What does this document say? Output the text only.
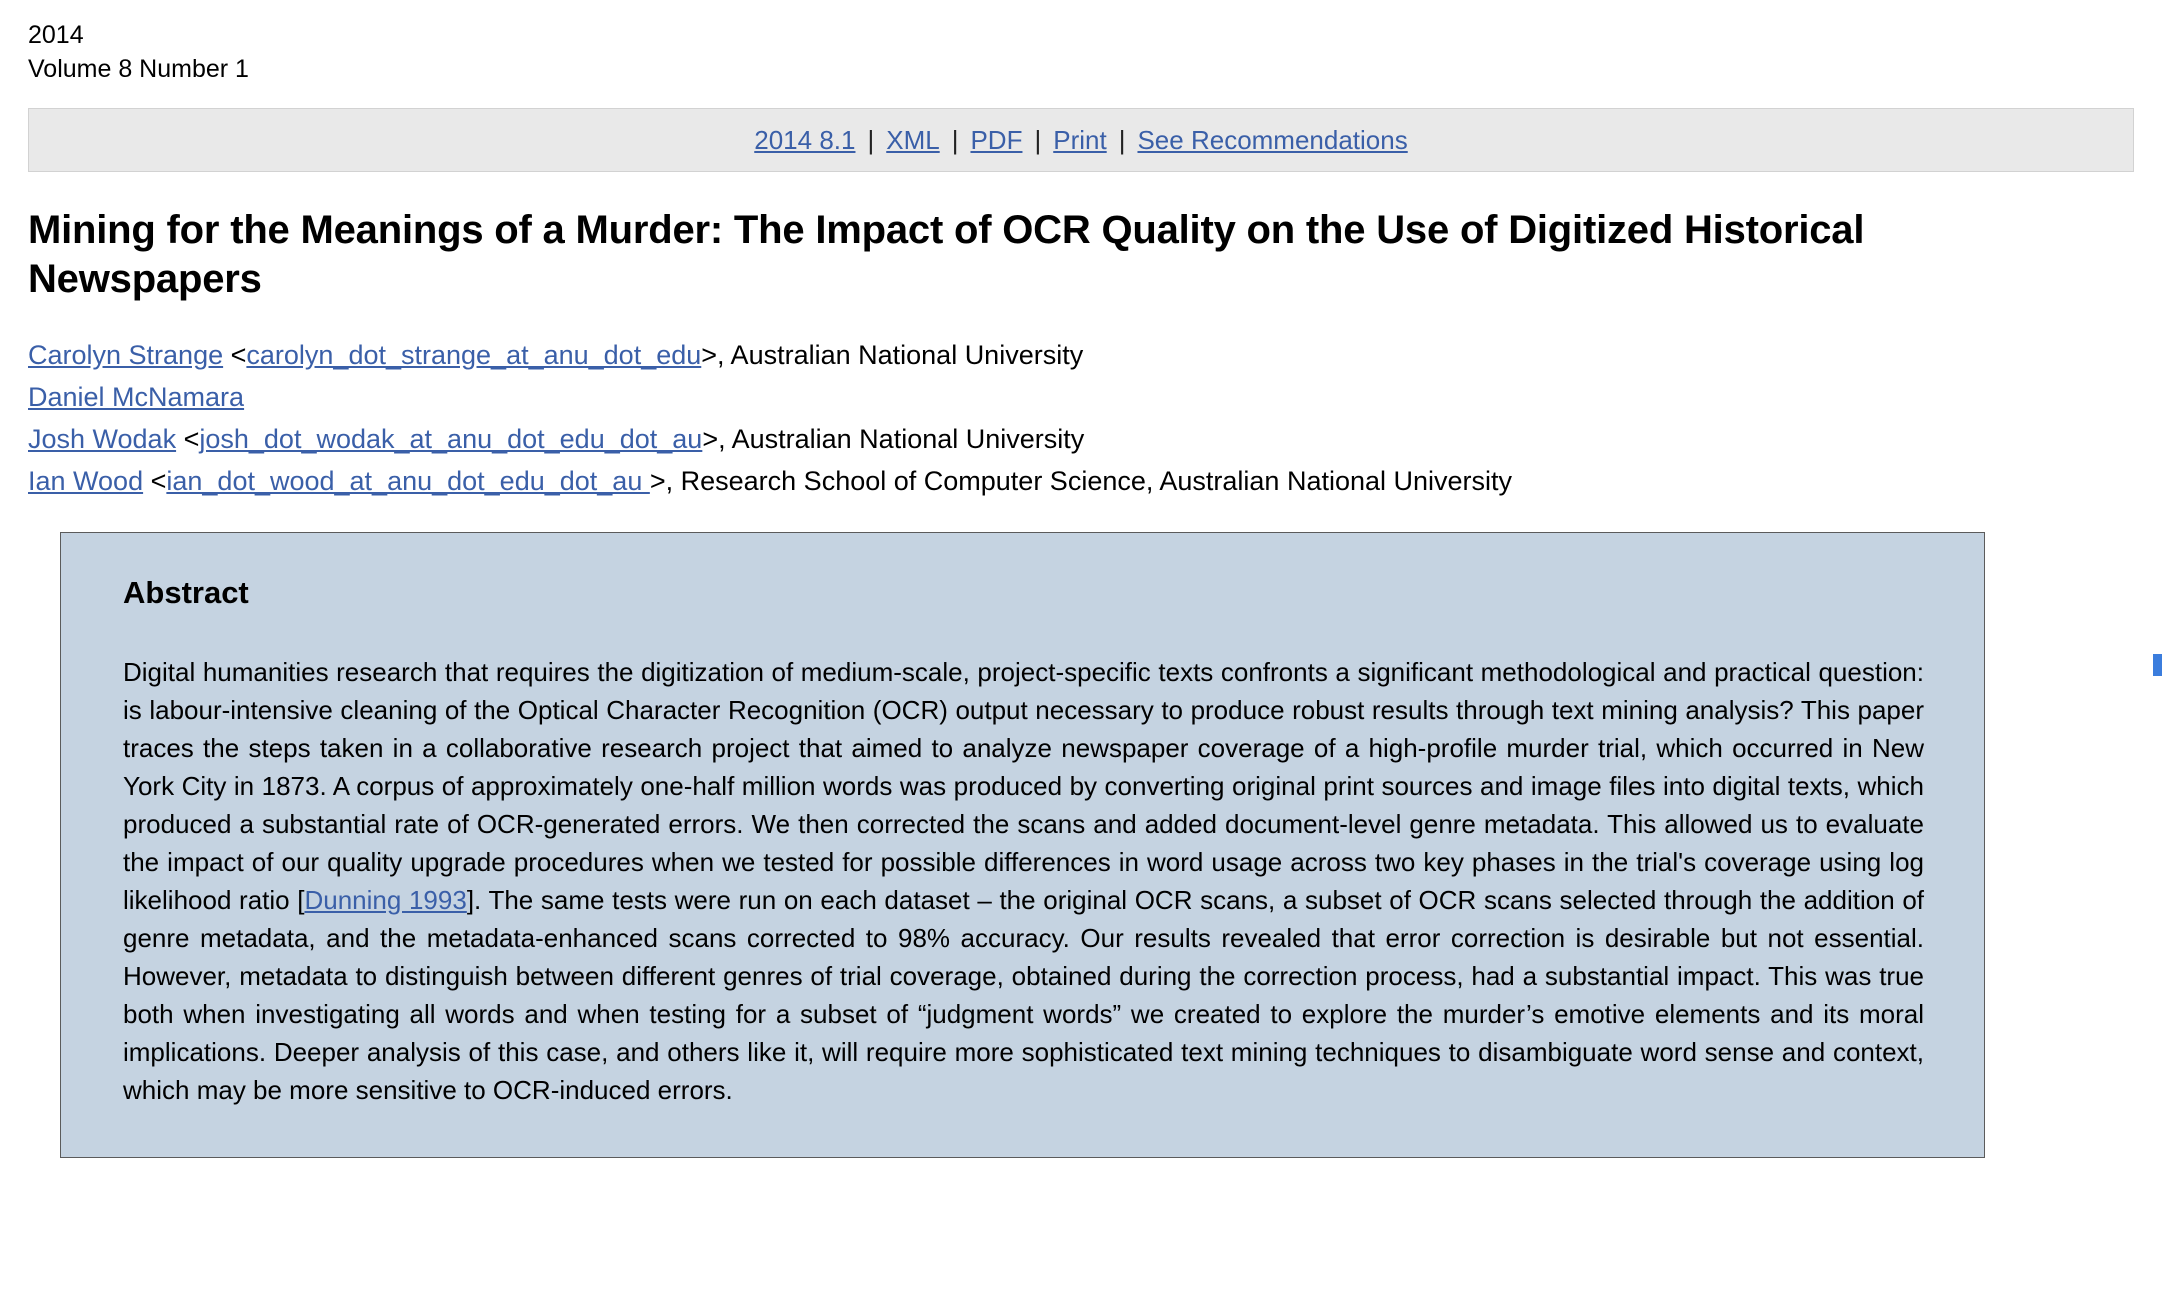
2014
Volume 8 Number 1
2014 8.1 | XML | PDF | Print | See Recommendations
Mining for the Meanings of a Murder: The Impact of OCR Quality on the Use of Digitized Historical Newspapers
Carolyn Strange <carolyn_dot_strange_at_anu_dot_edu>, Australian National University
Daniel McNamara
Josh Wodak <josh_dot_wodak_at_anu_dot_edu_dot_au>, Australian National University
Ian Wood <ian_dot_wood_at_anu_dot_edu_dot_au >, Research School of Computer Science, Australian National University
Abstract

Digital humanities research that requires the digitization of medium-scale, project-specific texts confronts a significant methodological and practical question: is labour-intensive cleaning of the Optical Character Recognition (OCR) output necessary to produce robust results through text mining analysis? This paper traces the steps taken in a collaborative research project that aimed to analyze newspaper coverage of a high-profile murder trial, which occurred in New York City in 1873. A corpus of approximately one-half million words was produced by converting original print sources and image files into digital texts, which produced a substantial rate of OCR-generated errors. We then corrected the scans and added document-level genre metadata. This allowed us to evaluate the impact of our quality upgrade procedures when we tested for possible differences in word usage across two key phases in the trial's coverage using log likelihood ratio [Dunning 1993]. The same tests were run on each dataset – the original OCR scans, a subset of OCR scans selected through the addition of genre metadata, and the metadata-enhanced scans corrected to 98% accuracy. Our results revealed that error correction is desirable but not essential. However, metadata to distinguish between different genres of trial coverage, obtained during the correction process, had a substantial impact. This was true both when investigating all words and when testing for a subset of “judgment words” we created to explore the murder’s emotive elements and its moral implications. Deeper analysis of this case, and others like it, will require more sophisticated text mining techniques to disambiguate word sense and context, which may be more sensitive to OCR-induced errors.
